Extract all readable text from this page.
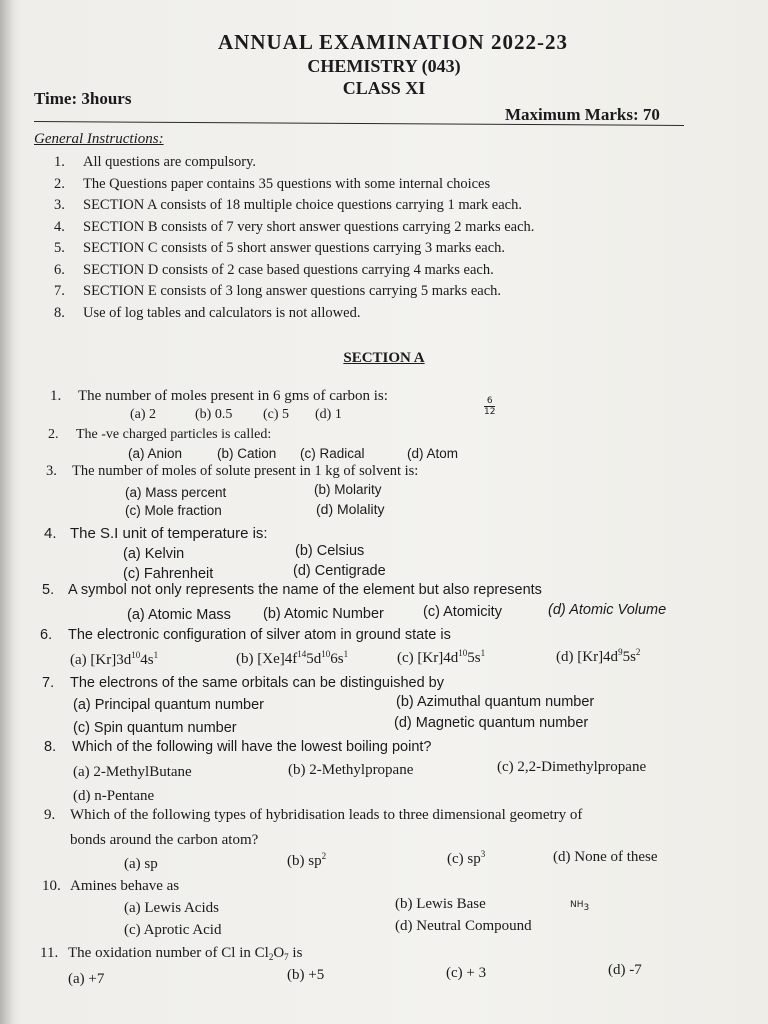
ANNUAL EXAMINATION 2022-23
CHEMISTRY (043)
CLASS XI
Time: 3hours
Maximum Marks: 70
General Instructions:
1. All questions are compulsory.
2. The Questions paper contains 35 questions with some internal choices
3. SECTION A consists of 18 multiple choice questions carrying 1 mark each.
4. SECTION B consists of 7 very short answer questions carrying 2 marks each.
5. SECTION C consists of 5 short answer questions carrying 3 marks each.
6. SECTION D consists of 2 case based questions carrying 4 marks each.
7. SECTION E consists of 3 long answer questions carrying 5 marks each.
8. Use of log tables and calculators is not allowed.
SECTION A
1. The number of moles present in 6 gms of carbon is:
(a) 2	(b) 0.5 (c) 5 (d) 1
6
12
2. The -ve charged particles is called:
(a) Anion	(b) Cation (c) Radical	(d) Atom
3. The number of moles of solute present in 1 kg of solvent is:
(a) Mass percent	(b) Molarity
(c) Mole fraction	(d) Molality
4. The S.I unit of temperature is:
(a) Kelvin	(b) Celsius
(c) Fahrenheit	(d) Centigrade
5. A symbol not only represents the name of the element but also represents
(a) Atomic Mass (b) Atomic Number	(c) Atomicity	(d) Atomic Volume
6. The electronic configuration of silver atom in ground state is
(a) $[Kr]3d^{10}4s^1$	(b) $[Xe]4f^{14}5d^{10}6s^1$	(c) $[Kr]4d^{10}5s^1$	(d) $[Kr]4d^95s^2$
7. The electrons of the same orbitals can be distinguished by
(a) Principal quantum number	(b) Azimuthal quantum number
(c) Spin quantum number	(d) Magnetic quantum number
8. Which of the following will have the lowest boiling point?
(a) 2-MethylButane	(b) 2-Methylpropane	(c) 2,2-Dimethylpropane
(d) n-Pentane
9. Which of the following types of hybridisation leads to three dimensional geometry of
bonds around the carbon atom?
(a) sp	(b) $sp^2$	(c) $sp^3$	(d) None of these
10. Amines behave as
(a) Lewis Acids	(b) Lewis Base
(c) Aprotic Acid	(d) Neutral Compound
$NH_3$
11. The oxidation number of Cl in $Cl_2O_7$ is
(a) +7	(b) +5	(c) + 3	(d) -7
